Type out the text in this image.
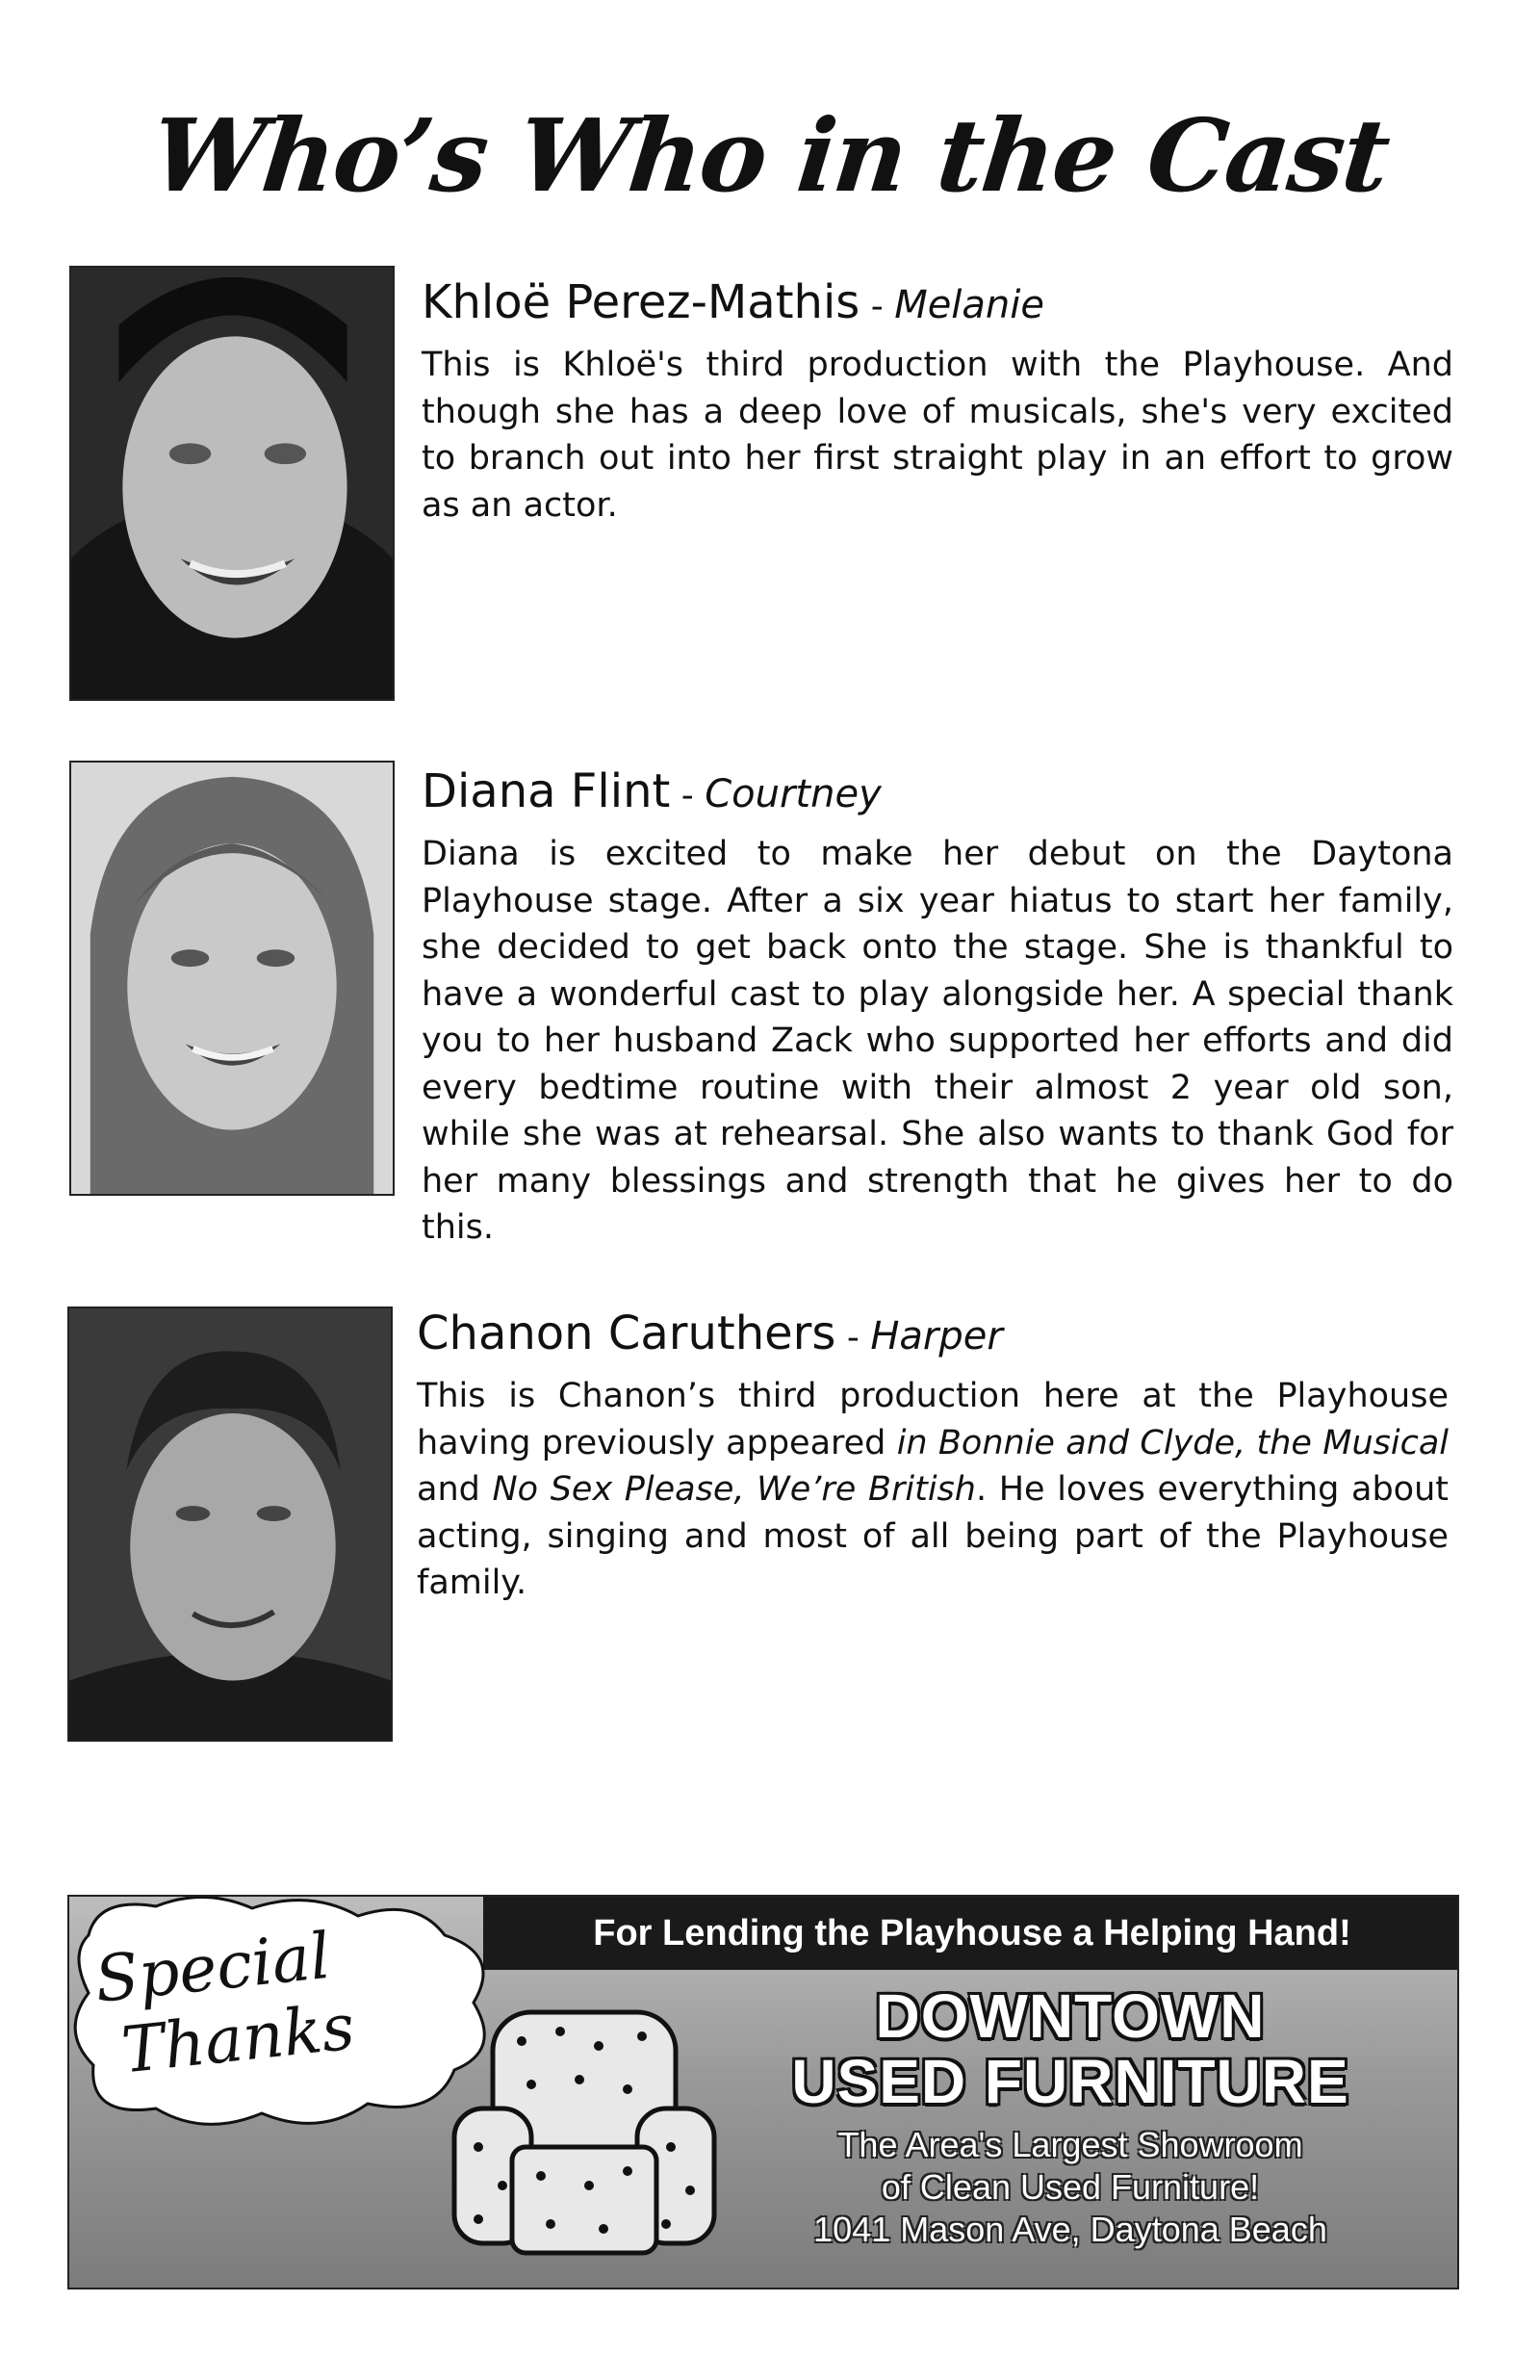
Who’s Who in the Cast

Khloë Perez-Mathis - Melanie

This is Khloë's third production with the Playhouse. And though she has a deep love of musicals, she's very excited to branch out into her first straight play in an effort to grow as an actor.

Diana Flint - Courtney

Diana is excited to make her debut on the Daytona Playhouse stage. After a six year hiatus to start her family, she decided to get back onto the stage. She is thankful to have a wonderful cast to play alongside her. A special thank you to her husband Zack who supported her efforts and did every bedtime routine with their almost 2 year old son, while she was at rehearsal. She also wants to thank God for her many blessings and strength that he gives her to do this.

Chanon Caruthers - Harper

This is Chanon’s third production here at the Playhouse having previously appeared in Bonnie and Clyde, the Musical and No Sex Please, We’re British. He loves everything about acting, singing and most of all being part of the Playhouse family.

For Lending the Playhouse a Helping Hand!
Special
Thanks	DOWNTOWN
USED FURNITURE
The Area's Largest Showroom
of Clean Used Furniture!
1041 Mason Ave, Daytona Beach
